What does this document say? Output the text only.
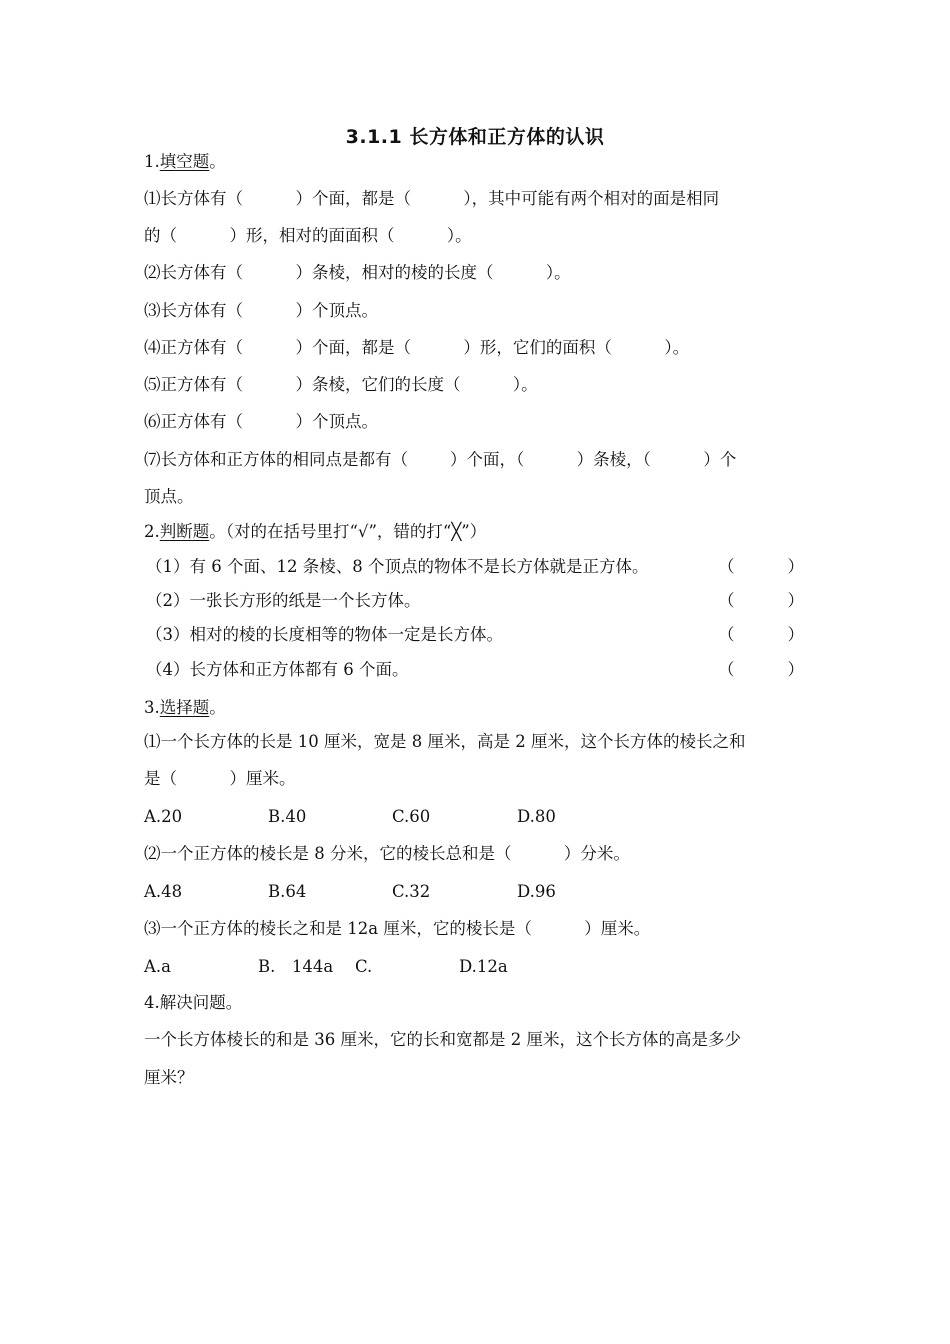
3.1.1 长方体和正方体的认识
1.填空题。
⑴长方体有（          ）个面，都是（          ），其中可能有两个相对的面是相同
的（          ）形，相对的面面积（          ）。
⑵长方体有（          ）条棱，相对的棱的长度（          ）。
⑶长方体有（          ）个顶点。
⑷正方体有（          ）个面，都是（          ）形，它们的面积（          ）。
⑸正方体有（          ）条棱，它们的长度（          ）。
⑹正方体有（          ）个顶点。
⑺长方体和正方体的相同点是都有（        ）个面，（          ）条棱，（          ）个
顶点。
2.判断题。（对的在括号里打“√”，错的打“╳”）
（1）有 6 个面、12 条棱、8 个顶点的物体不是长方体就是正方体。	（	）
（2）一张长方形的纸是一个长方体。	（	）
（3）相对的棱的长度相等的物体一定是长方体。	（	）
（4）长方体和正方体都有 6 个面。	（	）
3.选择题。
⑴一个长方体的长是 10 厘米，宽是 8 厘米，高是 2 厘米，这个长方体的棱长之和
是（          ）厘米。
A.20	B.40	C.60	D.80
⑵一个正方体的棱长是 8 分米，它的棱长总和是（          ）分米。
A.48	B.64	C.32	D.96
⑶一个正方体的棱长之和是 12a 厘米，它的棱长是（          ）厘米。
A.a	B.　144a	C.	D.12a
4.解决问题。
一个长方体棱长的和是 36 厘米，它的长和宽都是 2 厘米，这个长方体的高是多少
厘米？
